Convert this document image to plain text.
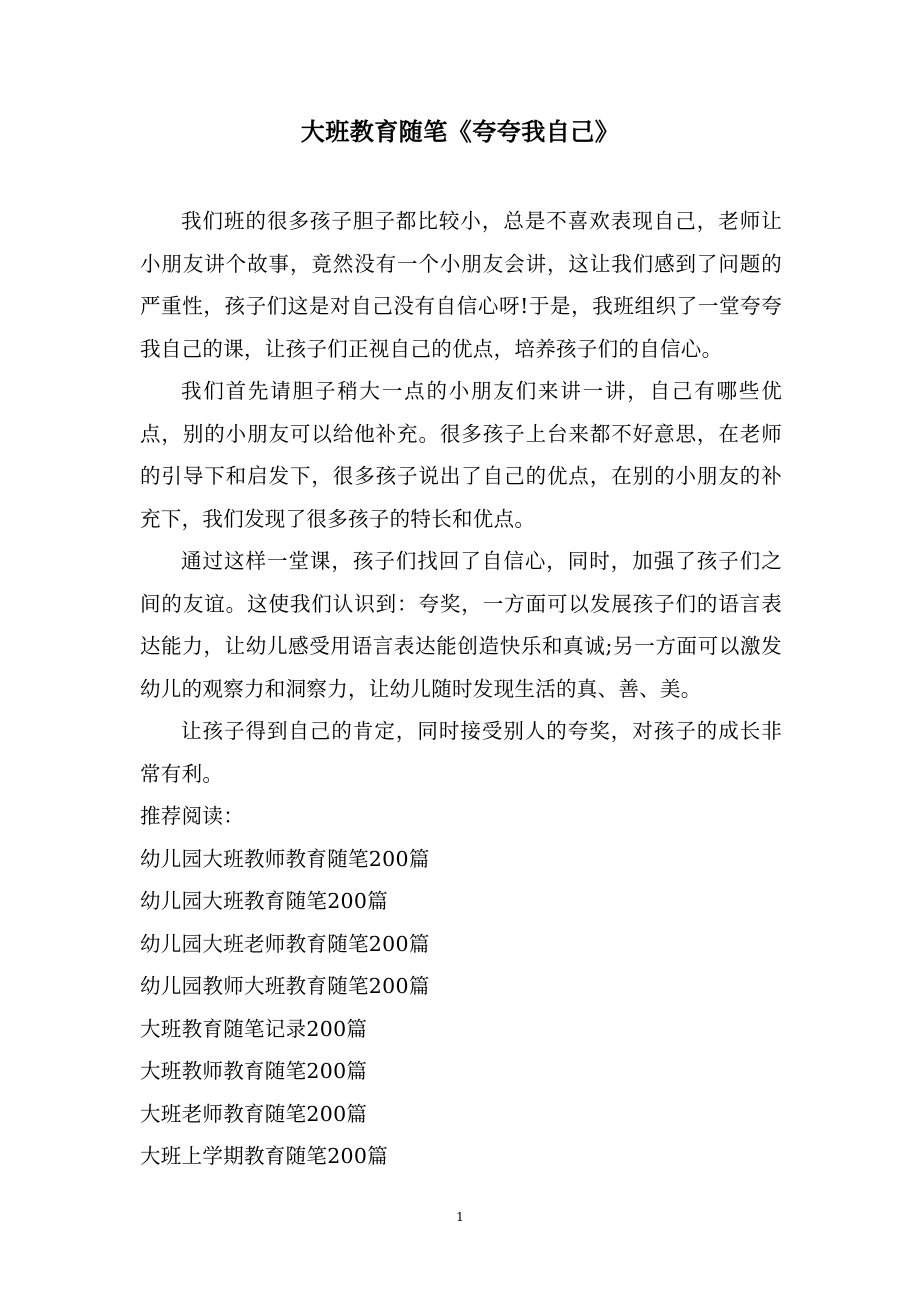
大班教育随笔《夸夸我自己》

我们班的很多孩子胆子都比较小，总是不喜欢表现自己，老师让小朋友讲个故事，竟然没有一个小朋友会讲，这让我们感到了问题的严重性，孩子们这是对自己没有自信心呀!于是，我班组织了一堂夸夸我自己的课，让孩子们正视自己的优点，培养孩子们的自信心。

我们首先请胆子稍大一点的小朋友们来讲一讲，自己有哪些优点，别的小朋友可以给他补充。很多孩子上台来都不好意思，在老师的引导下和启发下，很多孩子说出了自己的优点，在别的小朋友的补充下，我们发现了很多孩子的特长和优点。

通过这样一堂课，孩子们找回了自信心，同时，加强了孩子们之间的友谊。这使我们认识到：夸奖，一方面可以发展孩子们的语言表达能力，让幼儿感受用语言表达能创造快乐和真诚;另一方面可以激发幼儿的观察力和洞察力，让幼儿随时发现生活的真、善、美。

让孩子得到自己的肯定，同时接受别人的夸奖，对孩子的成长非常有利。

推荐阅读：

幼儿园大班教师教育随笔200篇
幼儿园大班教育随笔200篇
幼儿园大班老师教育随笔200篇
幼儿园教师大班教育随笔200篇
大班教育随笔记录200篇
大班教师教育随笔200篇
大班老师教育随笔200篇
大班上学期教育随笔200篇
1
